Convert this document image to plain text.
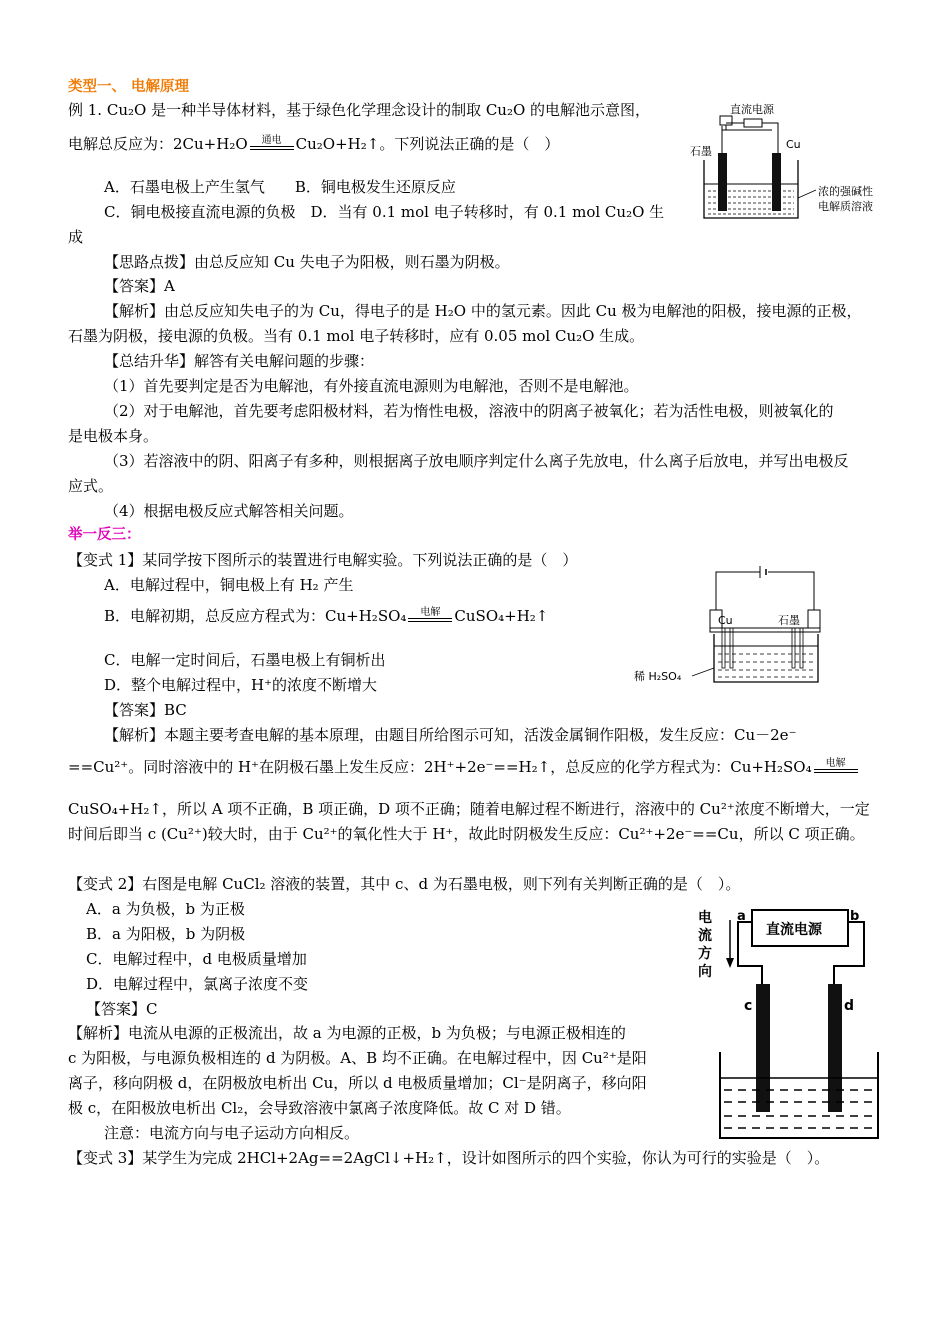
类型一、 电解原理
例 1. Cu₂O 是一种半导体材料，基于绿色化学理念设计的制取 Cu₂O 的电解池示意图，
电解总反应为：2Cu+H₂O	通电 Cu₂O+H₂↑。下列说法正确的是（　）
A．石墨电极上产生氢气　　B．铜电极发生还原反应
C．铜电极接直流电源的负极　D．当有 0.1 mol 电子转移时，有 0.1 mol Cu₂O 生
成
【思路点拨】由总反应知 Cu 失电子为阳极，则石墨为阴极。
【答案】A
【解析】由总反应知失电子的为 Cu，得电子的是 H₂O 中的氢元素。因此 Cu 极为电解池的阳极，接电源的正极，
石墨为阴极，接电源的负极。当有 0.1 mol 电子转移时，应有 0.05 mol Cu₂O 生成。
【总结升华】解答有关电解问题的步骤：
（1）首先要判定是否为电解池，有外接直流电源则为电解池，否则不是电解池。
（2）对于电解池，首先要考虑阳极材料，若为惰性电极，溶液中的阴离子被氧化；若为活性电极，则被氧化的
是电极本身。
（3）若溶液中的阴、阳离子有多种，则根据离子放电顺序判定什么离子先放电，什么离子后放电，并写出电极反
应式。
（4）根据电极反应式解答相关问题。
直流电源
石墨
Cu
浓的强碱性
电解质溶液
举一反三：
【变式 1】某同学按下图所示的装置进行电解实验。下列说法正确的是（　）
A．电解过程中，铜电极上有 H₂ 产生
B．电解初期，总反应方程式为：Cu+H₂SO₄	电解 CuSO₄+H₂↑
C．电解一定时间后，石墨电极上有铜析出
D．整个电解过程中，H⁺的浓度不断增大
【答案】BC
【解析】本题主要考查电解的基本原理，由题目所给图示可知，活泼金属铜作阳极，发生反应：Cu－2e⁻
==Cu²⁺。同时溶液中的 H⁺在阴极石墨上发生反应：2H⁺+2e⁻==H₂↑，总反应的化学方程式为：Cu+H₂SO₄	电解
CuSO₄+H₂↑，所以 A 项不正确，B 项正确，D 项不正确；随着电解过程不断进行，溶液中的 Cu²⁺浓度不断增大，一定
时间后即当 c (Cu²⁺)较大时，由于 Cu²⁺的氧化性大于 H⁺，故此时阴极发生反应：Cu²⁺+2e⁻==Cu，所以 C 项正确。
Cu	石墨
稀 H₂SO₄
【变式 2】右图是电解 CuCl₂ 溶液的装置，其中 c、d 为石墨电极，则下列有关判断正确的是（　）。
A．a 为负极，b 为正极
B．a 为阳极，b 为阴极
C．电解过程中，d 电极质量增加
D．电解过程中，氯离子浓度不变
【答案】C
【解析】电流从电源的正极流出，故 a 为电源的正极，b 为负极；与电源正极相连的
c 为阳极，与电源负极相连的 d 为阴极。A、B 均不正确。在电解过程中，因 Cu²⁺是阳
离子，移向阴极 d，在阴极放电析出 Cu，所以 d 电极质量增加；Cl⁻是阴离子，移向阳
极 c，在阳极放电析出 Cl₂，会导致溶液中氯离子浓度降低。故 C 对 D 错。
注意：电流方向与电子运动方向相反。
电
流
方
向
a	b
直流电源
c	d
【变式 3】某学生为完成 2HCl+2Ag==2AgCl↓+H₂↑，设计如图所示的四个实验，你认为可行的实验是（　）。
